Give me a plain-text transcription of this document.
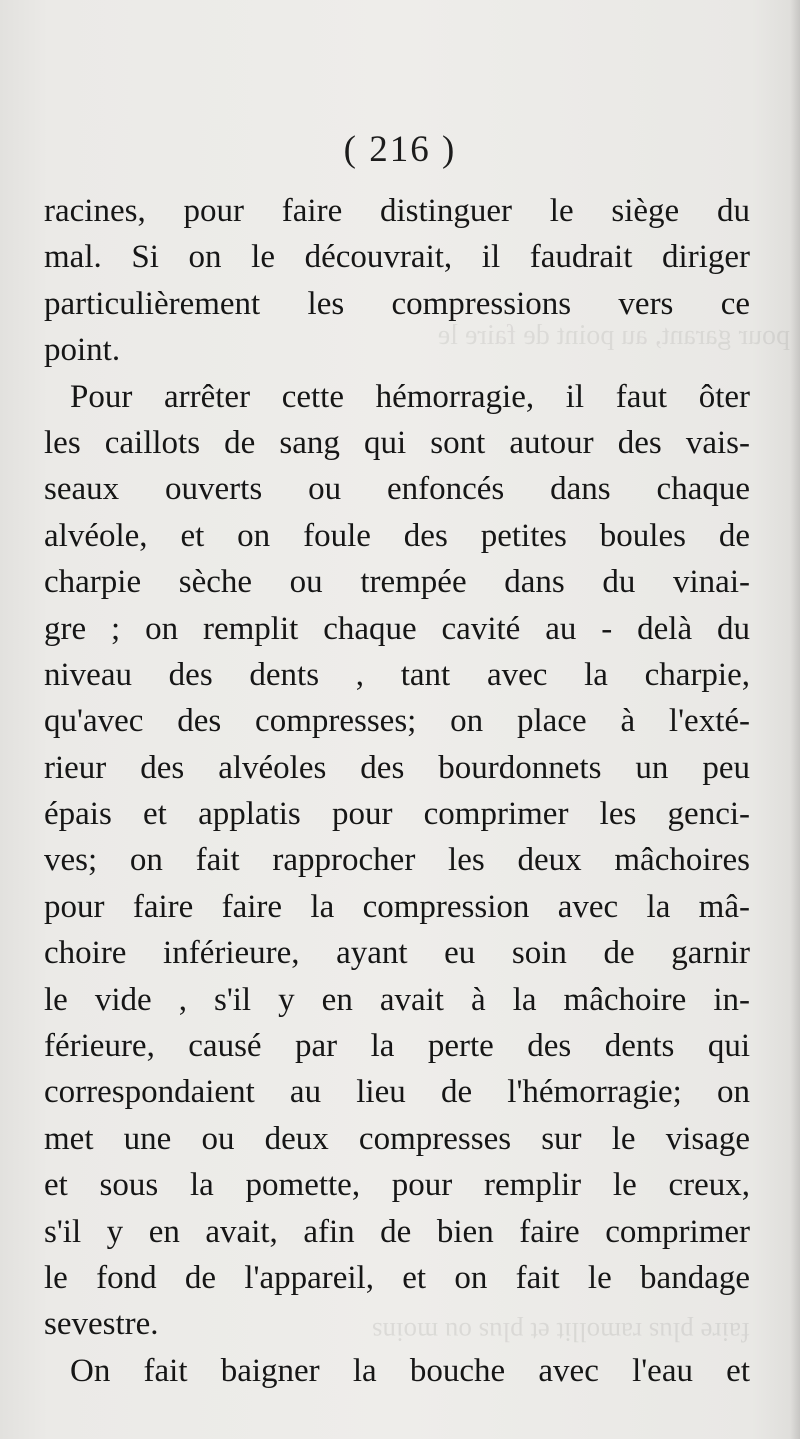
pour garant, au point de faire le
faire plus ramollit et plus ou moins
( 216 )
racines, pour faire distinguer le siège du
mal. Si on le découvrait, il faudrait diriger
particulièrement les compressions vers ce
point.
Pour arrêter cette hémorragie, il faut ôter
les caillots de sang qui sont autour des vais-
seaux ouverts ou enfoncés dans chaque
alvéole, et on foule des petites boules de
charpie sèche ou trempée dans du vinai-
gre ; on remplit chaque cavité au - delà du
niveau des dents , tant avec la charpie,
qu'avec des compresses; on place à l'exté-
rieur des alvéoles des bourdonnets un peu
épais et applatis pour comprimer les genci-
ves; on fait rapprocher les deux mâchoires
pour faire faire la compression avec la mâ-
choire inférieure, ayant eu soin de garnir
le vide , s'il y en avait à la mâchoire in-
férieure, causé par la perte des dents qui
correspondaient au lieu de l'hémorragie; on
met une ou deux compresses sur le visage
et sous la pomette, pour remplir le creux,
s'il y en avait, afin de bien faire comprimer
le fond de l'appareil, et on fait le bandage
sevestre.
On fait baigner la bouche avec l'eau et
